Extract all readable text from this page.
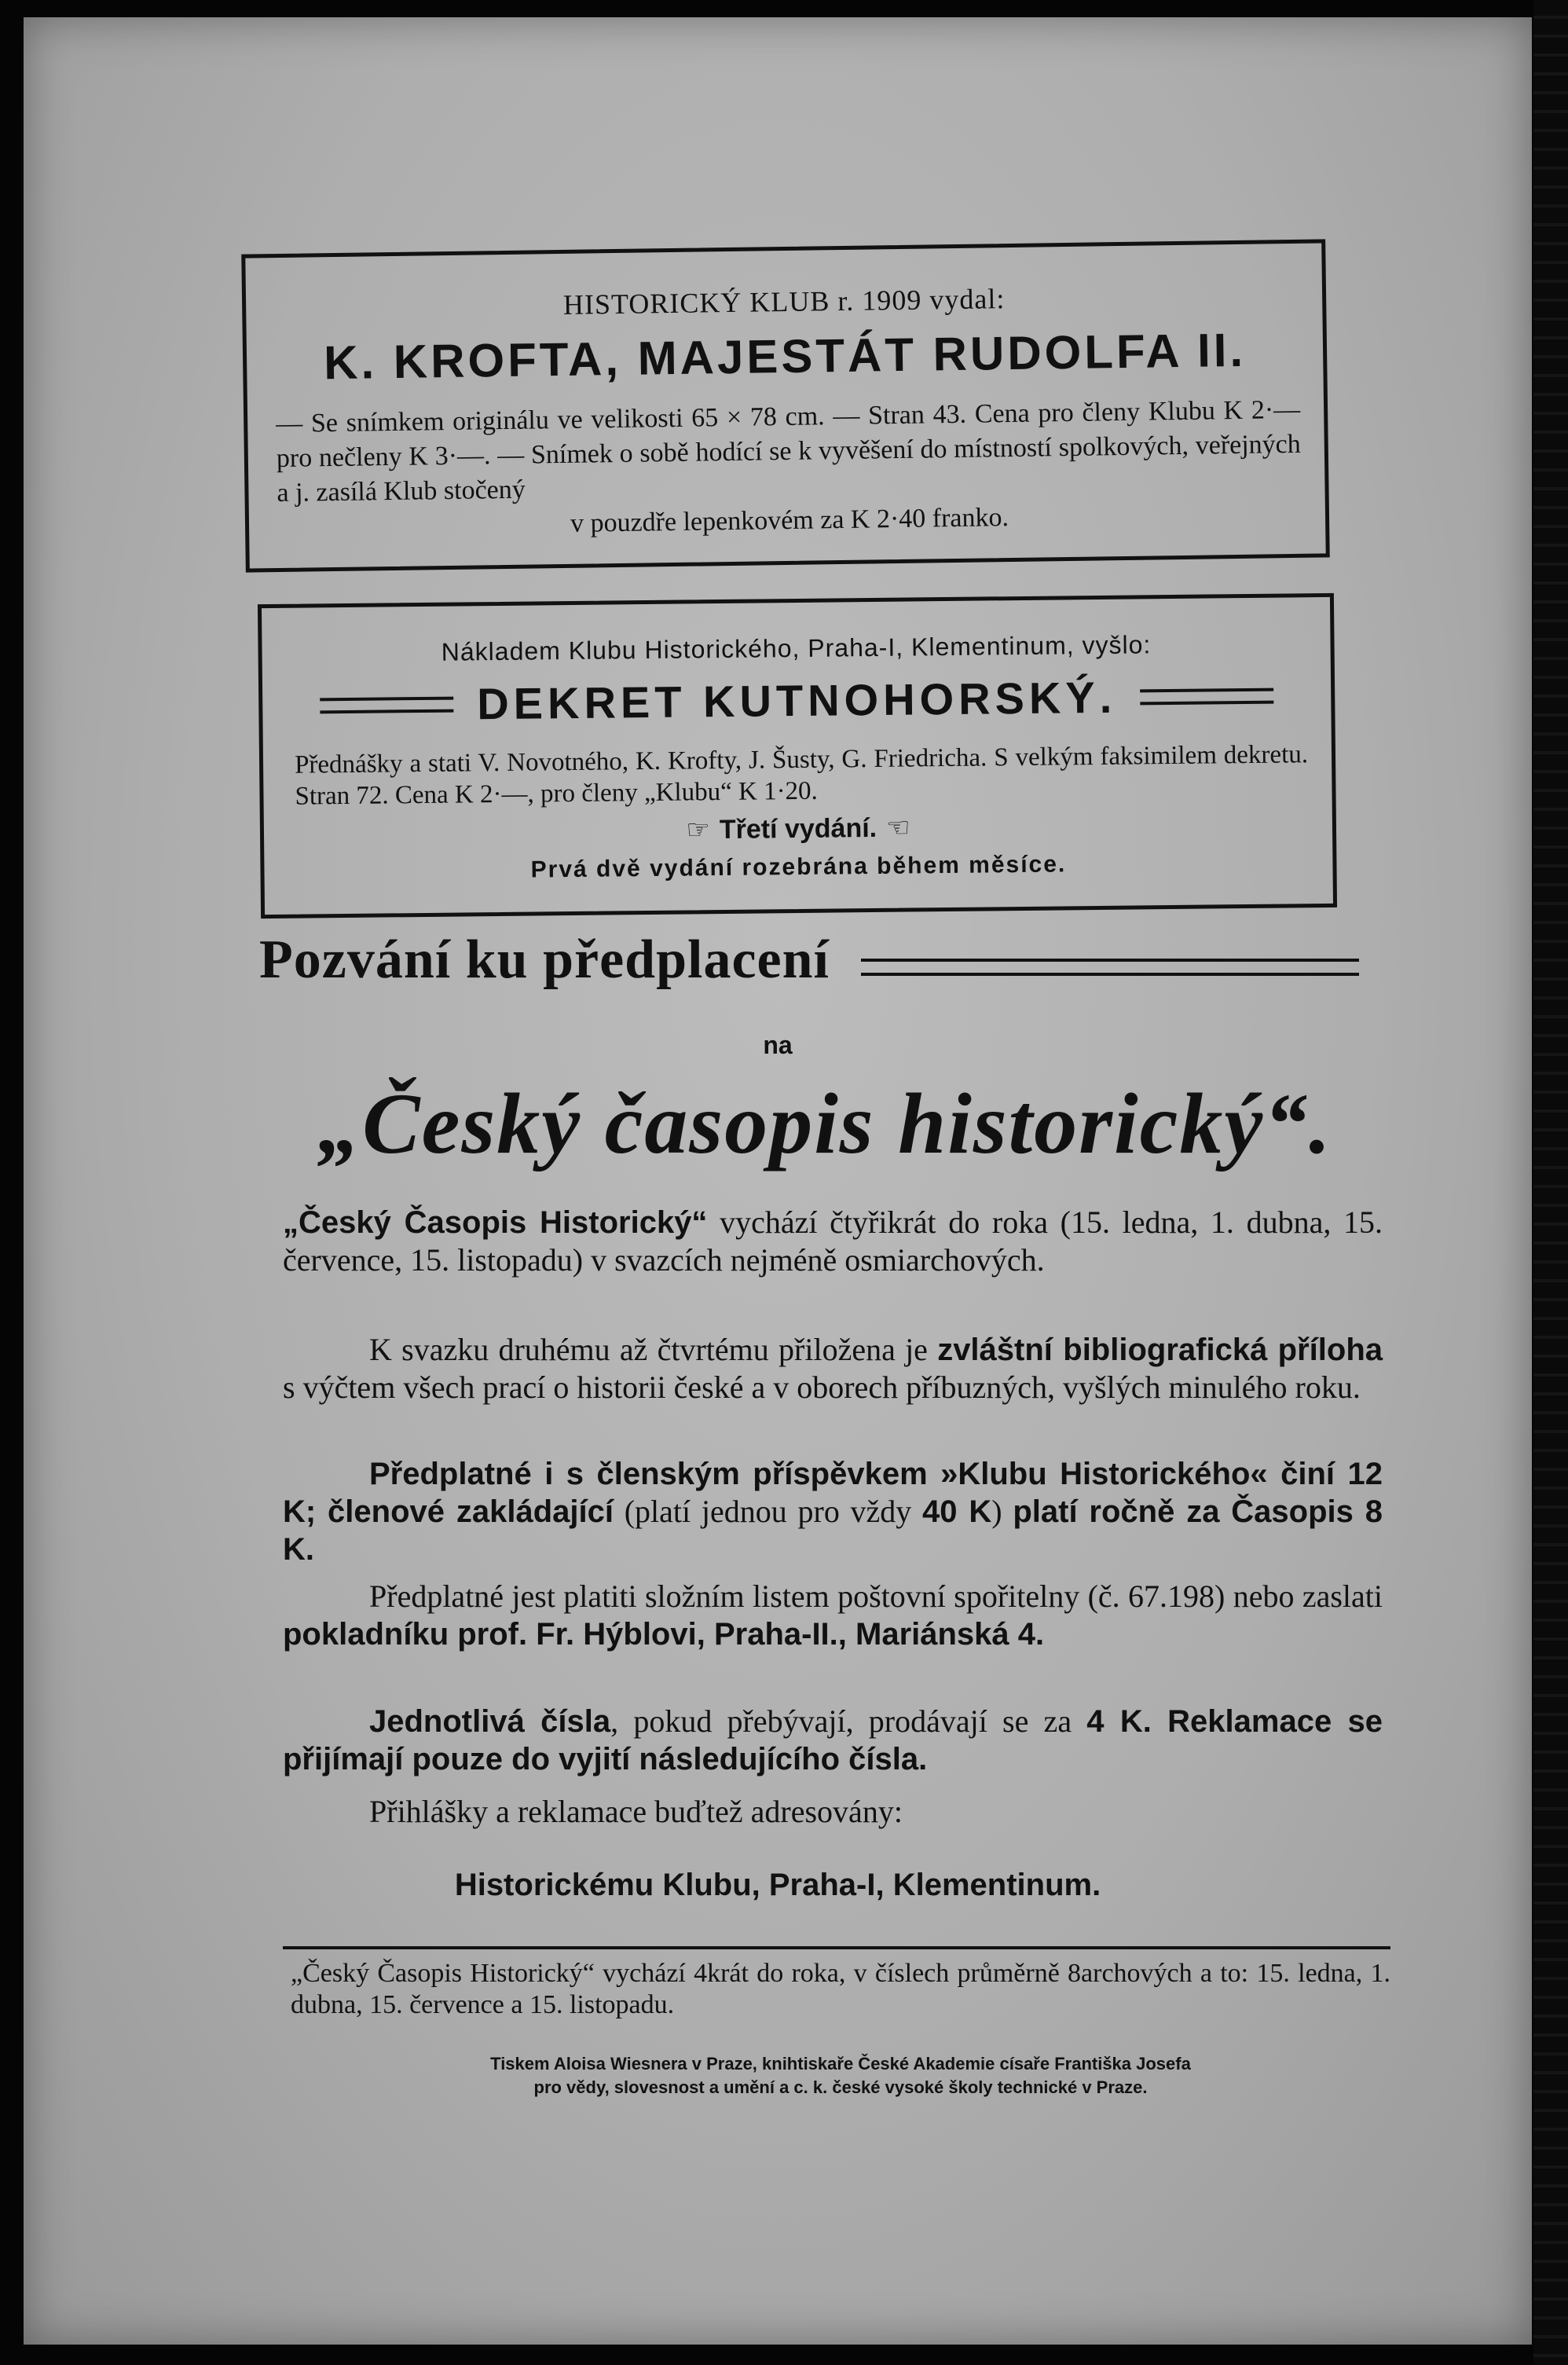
HISTORICKÝ KLUB r. 1909 vydal:
K. KROFTA, MAJESTÁT RUDOLFA II.
— Se snímkem originálu ve velikosti 65 × 78 cm. — Stran 43. Cena pro členy Klubu K 2·— pro nečleny K 3·—. — Snímek o sobě hodící se k vyvěšení do místností spolkových, veřejných a j. zasílá Klub stočený
v pouzdře lepenkovém za K 2·40 franko.
Nákladem Klubu Historického, Praha-I, Klementinum, vyšlo:
DEKRET KUTNOHORSKÝ.
Přednášky a stati V. Novotného, K. Krofty, J. Šusty, G. Friedricha. S velkým faksimilem dekretu. Stran 72. Cena K 2·—, pro členy „Klubu“ K 1·20.
☞ Třetí vydání. ☜
Prvá dvě vydání rozebrána během měsíce.
Pozvání ku předplacení
na
„Český časopis historický“.
„Český Časopis Historický“ vychází čtyřikrát do roka (15. ledna, 1. dubna, 15. července, 15. listopadu) v svazcích nejméně osmiarchových.
K svazku druhému až čtvrtému přiložena je zvláštní bibliografická příloha s výčtem všech prací o historii české a v oborech příbuzných, vyšlých minulého roku.
Předplatné i s členským příspěvkem »Klubu Historického« činí 12 K; členové zakládající (platí jednou pro vždy 40 K) platí ročně za Časopis 8 K.
Předplatné jest platiti složním listem poštovní spořitelny (č. 67.198) nebo zaslati pokladníku prof. Fr. Hýblovi, Praha-II., Mariánská 4.
Jednotlivá čísla, pokud přebývají, prodávají se za 4 K. Reklamace se přijímají pouze do vyjití následujícího čísla.
Přihlášky a reklamace buďtež adresovány:
Historickému Klubu, Praha-I, Klementinum.
„Český Časopis Historický“ vychází 4krát do roka, v číslech průměrně 8archových a to: 15. ledna, 1. dubna, 15. července a 15. listopadu.
Tiskem Aloisa Wiesnera v Praze, knihtiskaře České Akademie císaře Františka Josefa
pro vědy, slovesnost a umění a c. k. české vysoké školy technické v Praze.
